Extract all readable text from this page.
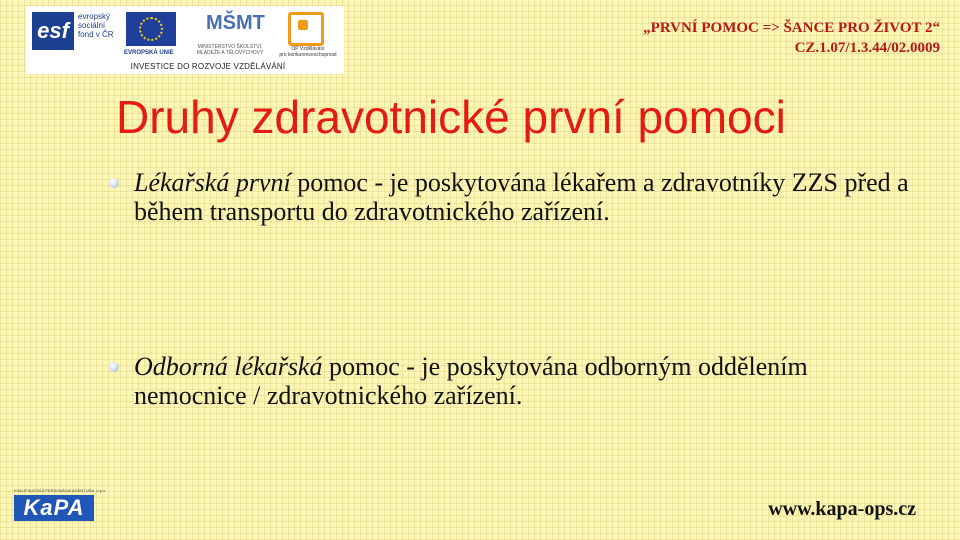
esf
evropský
sociální
fond v ČR
EVROPSKÁ UNIE
MŠMT
MINISTERSTVO ŠKOLSTVÍ,
MLÁDEŽE A TĚLOVÝCHOVY
OP Vzdělávání
pro konkurenceschopnost
INVESTICE DO ROZVOJE VZDĚLÁVÁNÍ
„PRVNÍ POMOC => ŠANCE PRO ŽIVOT 2“
CZ.1.07/1.3.44/02.0009
Druhy zdravotnické první pomoci
Lékařská první pomoc - je poskytována lékařem a zdravotníky ZZS před a během transportu do zdravotnického zařízení.
Odborná lékařská pomoc - je poskytována odborným oddělením nemocnice / zdravotnického zařízení.
KVALIFIKAČNÍ A PERSONÁLNÍ AGENTURA, o.p.s.
KaPA	www.kapa-ops.cz
